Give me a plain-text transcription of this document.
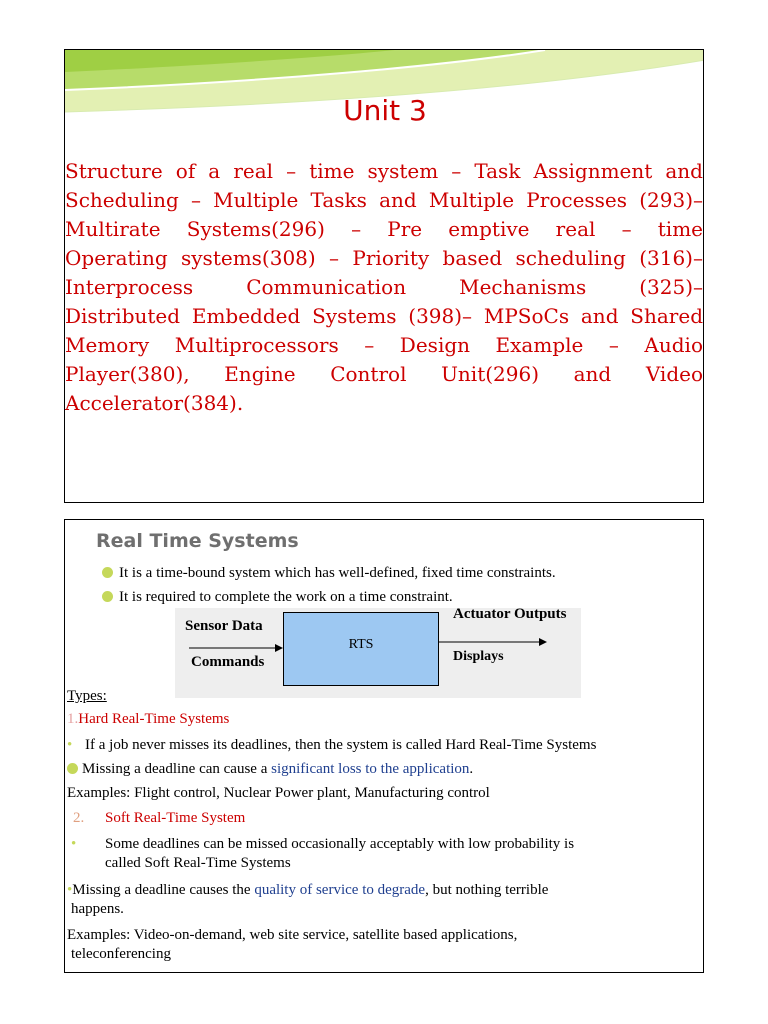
Unit 3
Structure of a real – time system – Task Assignment and
Scheduling – Multiple Tasks and Multiple Processes (293)–
Multirate Systems(296) – Pre emptive real – time
Operating systems(308) – Priority based scheduling (316)–
Interprocess Communication Mechanisms (325)–
Distributed Embedded Systems (398)– MPSoCs and Shared
Memory Multiprocessors – Design Example – Audio
Player(380), Engine Control Unit(296) and Video
Accelerator(384).
Real Time Systems
It is a time-bound system which has well-defined, fixed time constraints.
It is required to complete the work on a time constraint.
Sensor Data
Commands
RTS
Actuator Outputs
Displays
Types:
1.Hard Real-Time Systems
• If a job never misses its deadlines, then the system is called Hard Real-Time Systems
Missing a deadline can cause a significant loss to the application.
Examples: Flight control, Nuclear Power plant, Manufacturing control
2. Soft Real-Time System
• Some deadlines can be missed occasionally acceptably with low probability is
called Soft Real-Time Systems
•Missing a deadline causes the quality of service to degrade, but nothing terrible
happens.
Examples: Video-on-demand, web site service, satellite based applications,
teleconferencing
